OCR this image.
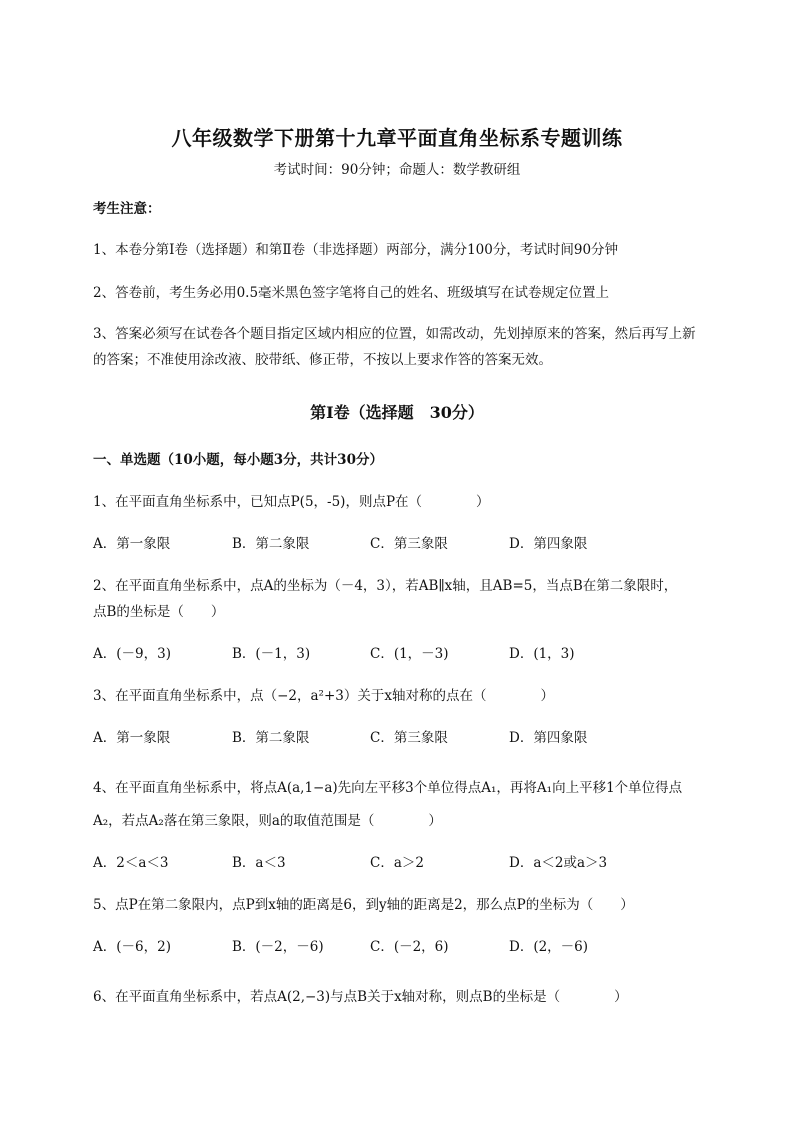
八年级数学下册第十九章平面直角坐标系专题训练
考试时间：90分钟；命题人：数学教研组
考生注意：
1、本卷分第Ⅰ卷（选择题）和第Ⅱ卷（非选择题）两部分，满分100分，考试时间90分钟
2、答卷前，考生务必用0.5毫米黑色签字笔将自己的姓名、班级填写在试卷规定位置上
3、答案必须写在试卷各个题目指定区域内相应的位置，如需改动，先划掉原来的答案，然后再写上新
的答案；不准使用涂改液、胶带纸、修正带，不按以上要求作答的答案无效。
第Ⅰ卷（选择题　30分）
一、单选题（10小题，每小题3分，共计30分）
1、在平面直角坐标系中，已知点P(5，-5)，则点P在（　　　　）
A．第一象限	B．第二象限	C．第三象限	D．第四象限
2、在平面直角坐标系中，点A的坐标为（－4，3），若AB∥x轴，且AB=5，当点B在第二象限时，
点B的坐标是（　　）
A．(－9，3)	B．(－1，3)	C．(1，－3)	D．(1，3)
3、在平面直角坐标系中，点（−2，a²+3）关于x轴对称的点在（　　　　）
A．第一象限	B．第二象限	C．第三象限	D．第四象限
4、在平面直角坐标系中，将点A(a,1−a)先向左平移3个单位得点A₁，再将A₁向上平移1个单位得点
A₂，若点A₂落在第三象限，则a的取值范围是（　　　　）
A．2＜a＜3	B．a＜3	C．a＞2	D．a＜2或a＞3
5、点P在第二象限内，点P到x轴的距离是6，到y轴的距离是2，那么点P的坐标为（　　）
A．(－6，2)	B．(－2，－6)	C．(－2，6)	D．(2，－6)
6、在平面直角坐标系中，若点A(2,−3)与点B关于x轴对称，则点B的坐标是（　　　　）
